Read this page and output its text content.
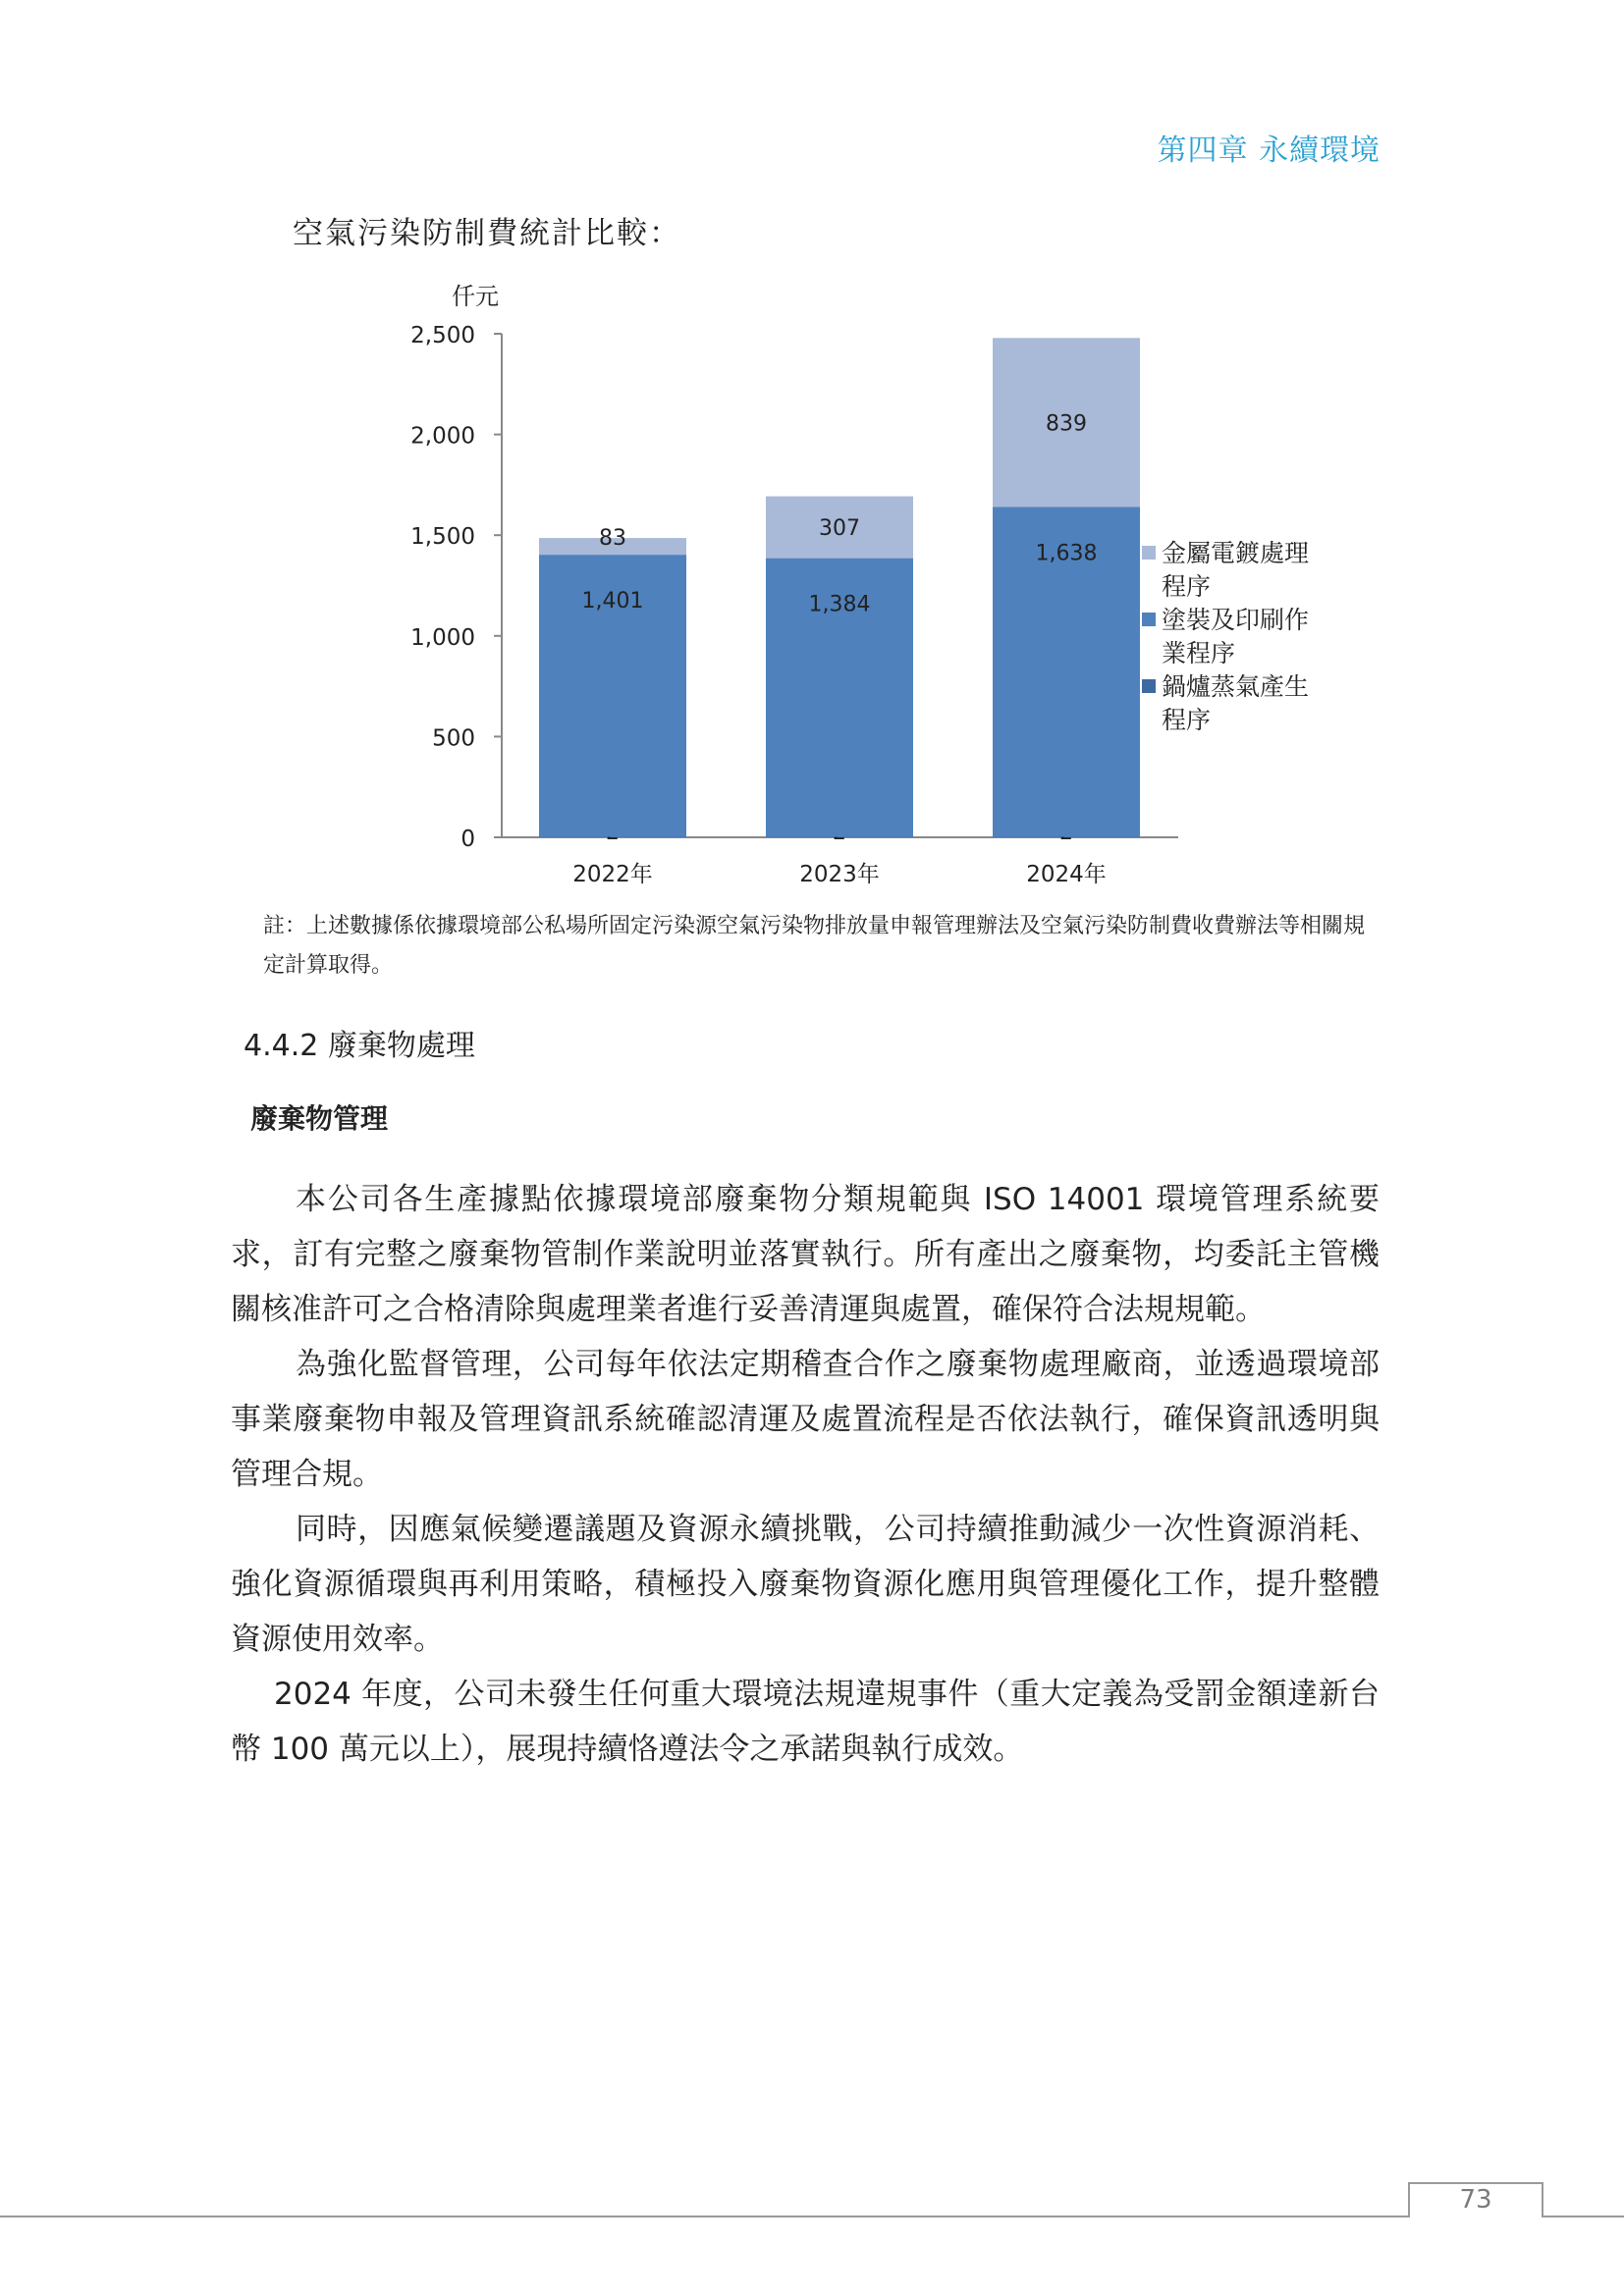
第四章 永續環境
空氣污染防制費統計比較：
仟元
0
500
1,000
1,500
2,000
2,500
1,401
83
2022年
1,384
307
2023年
1,638
839
2024年
金屬電鍍處理
程序
塗裝及印刷作
業程序
鍋爐蒸氣產生
程序
註：上述數據係依據環境部公私場所固定污染源空氣污染物排放量申報管理辦法及空氣污染防制費收費辦法等相關規定計算取得。
4.4.2 廢棄物處理
廢棄物管理

本公司各生產據點依據環境部廢棄物分類規範與 ISO 14001 環境管理系統要求，訂有完整之廢棄物管制作業說明並落實執行。所有產出之廢棄物，均委託主管機關核准許可之合格清除與處理業者進行妥善清運與處置，確保符合法規規範。

為強化監督管理，公司每年依法定期稽查合作之廢棄物處理廠商，並透過環境部事業廢棄物申報及管理資訊系統確認清運及處置流程是否依法執行，確保資訊透明與管理合規。

同時，因應氣候變遷議題及資源永續挑戰，公司持續推動減少一次性資源消耗、強化資源循環與再利用策略，積極投入廢棄物資源化應用與管理優化工作，提升整體資源使用效率。

2024 年度，公司未發生任何重大環境法規違規事件（重大定義為受罰金額達新台幣 100 萬元以上），展現持續恪遵法令之承諾與執行成效。

73
